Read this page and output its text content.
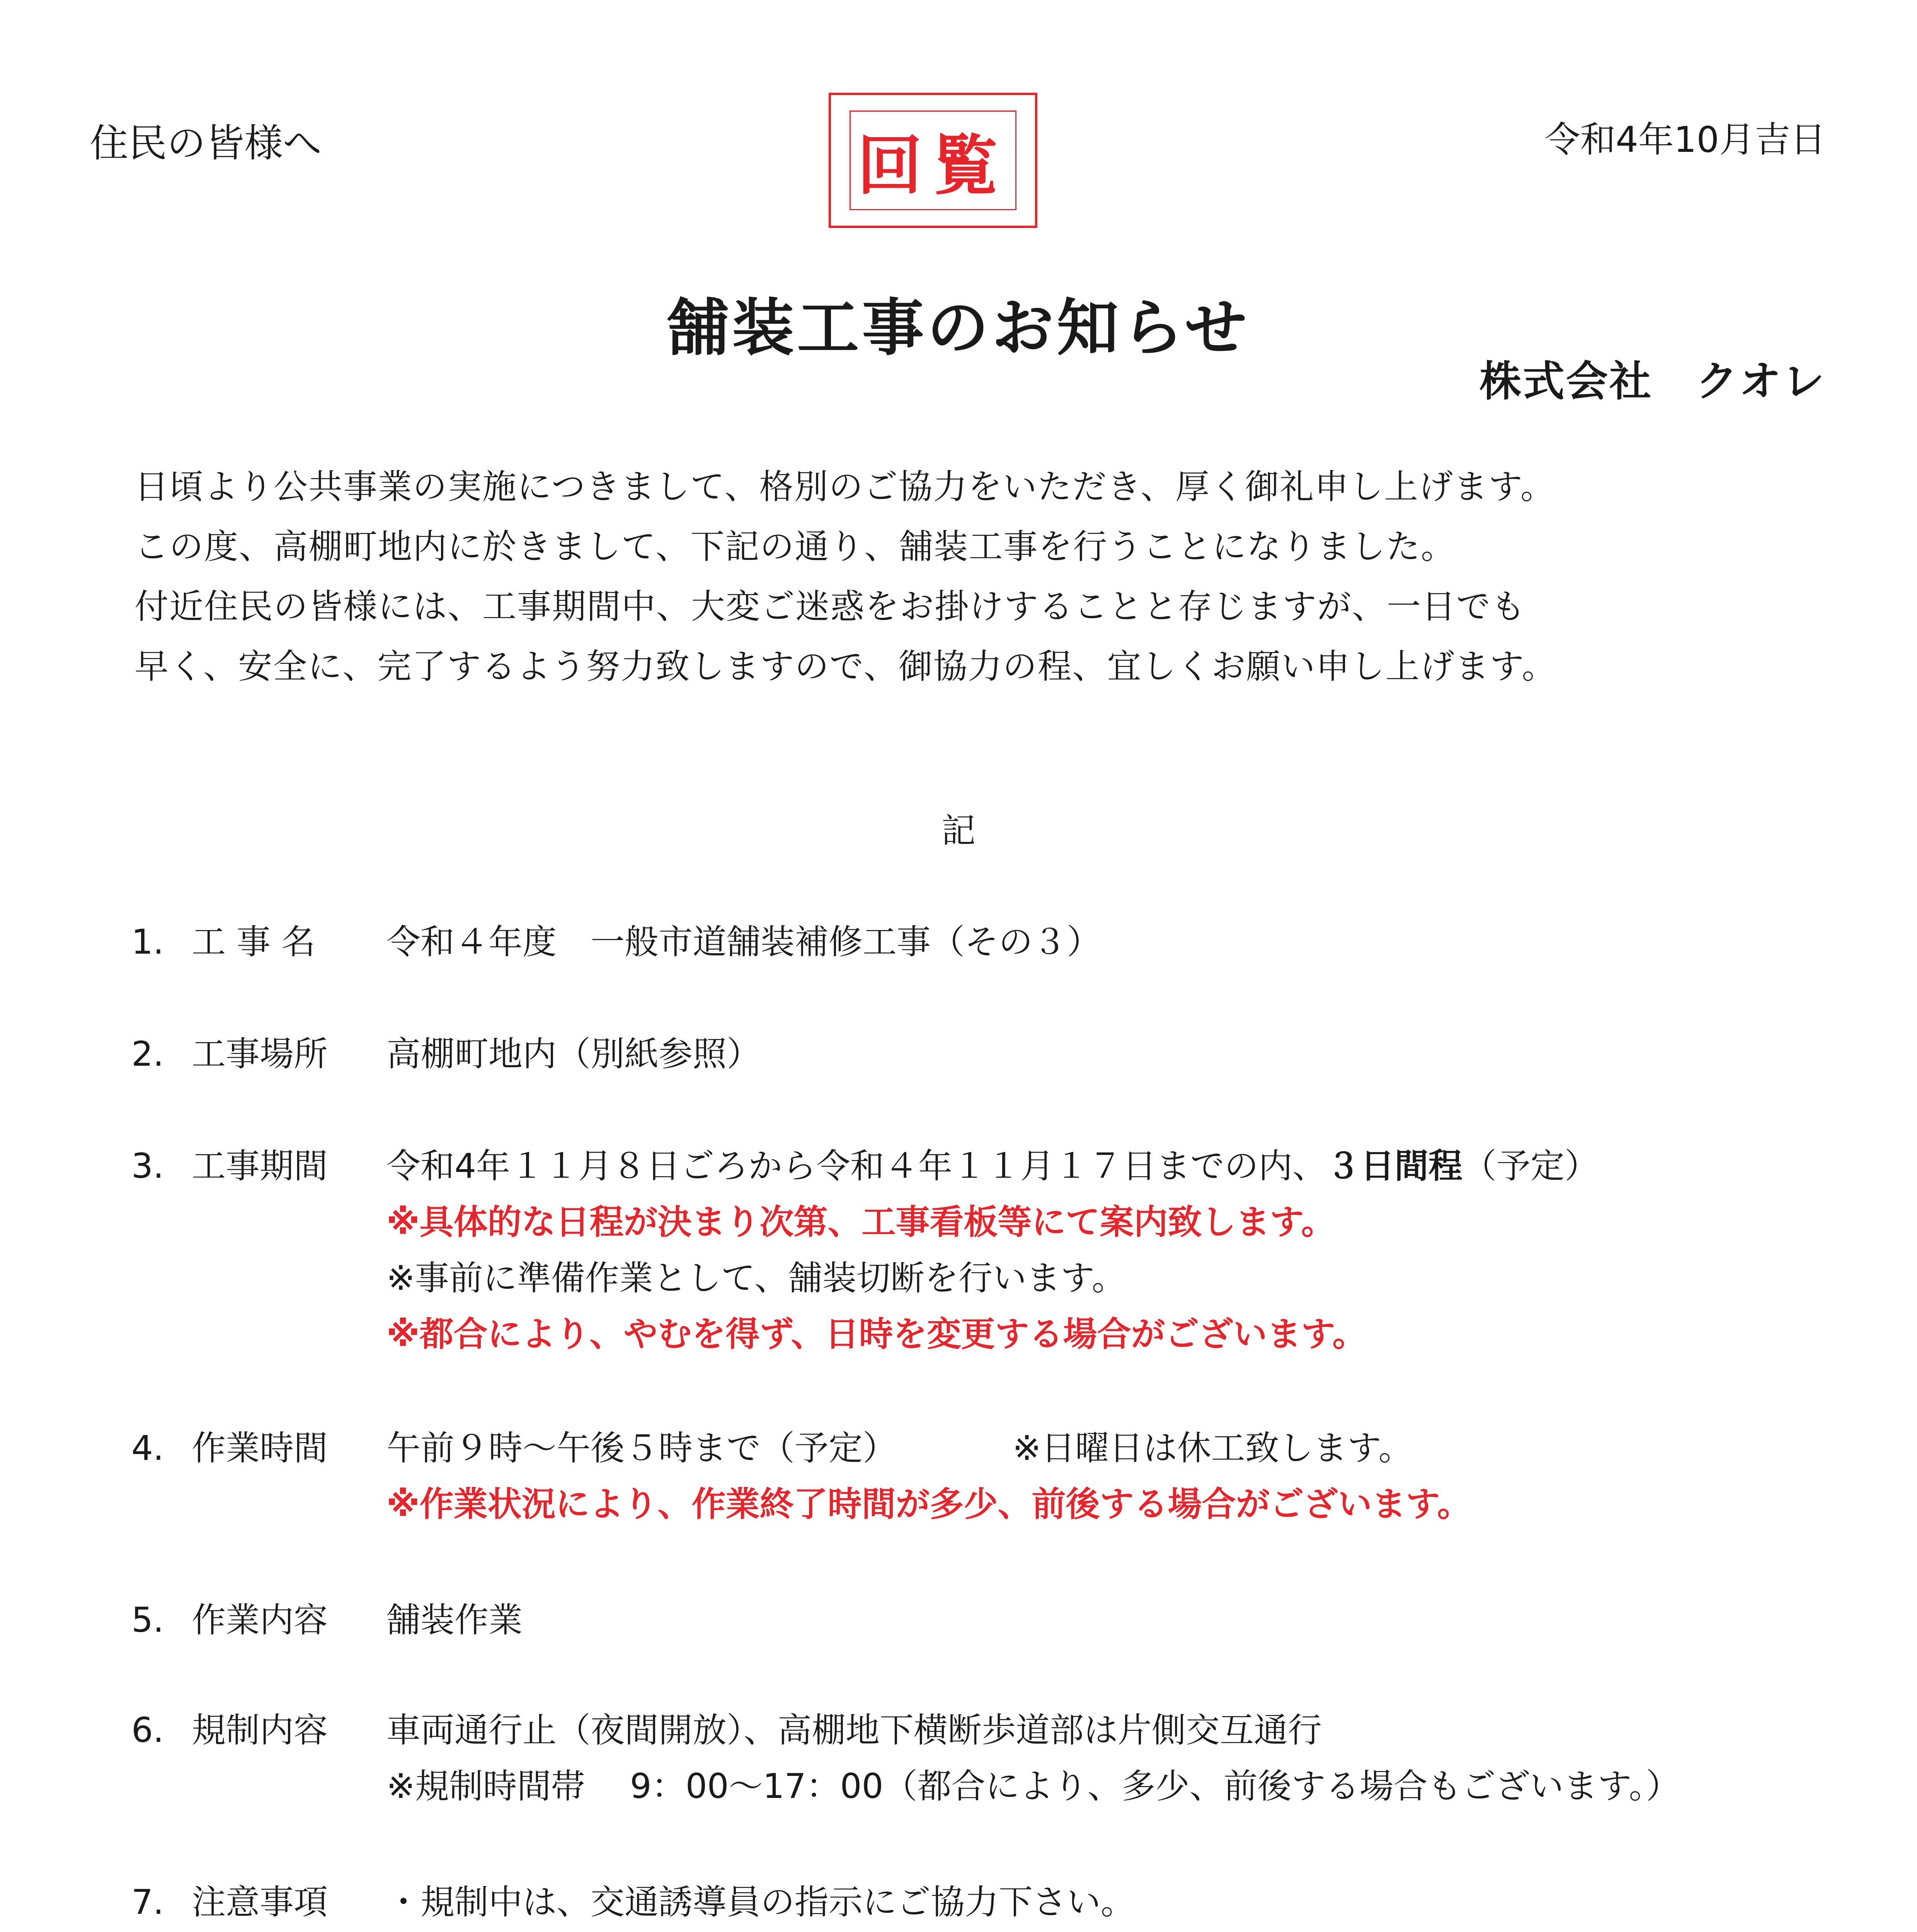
住民の皆様へ	回覧	令和4年10月吉日
舗装工事のお知らせ
株式会社　クオレ
日頃より公共事業の実施につきまして、格別のご協力をいただき、厚く御礼申し上げます。
この度、高棚町地内に於きまして、下記の通り、舗装工事を行うことになりました。
付近住民の皆様には、工事期間中、大変ご迷惑をお掛けすることと存じますが、一日でも
早く、安全に、完了するよう努力致しますので、御協力の程、宜しくお願い申し上げます。
記
1. 工 事 名 令和４年度　一般市道舗装補修工事（その３）
2. 工事場所 高棚町地内（別紙参照）
3. 工事期間 令和4年１１月８日ごろから令和４年１１月１７日までの内、３日間程（予定）
※具体的な日程が決まり次第、工事看板等にて案内致します。
※事前に準備作業として、舗装切断を行います。
※都合により、やむを得ず、日時を変更する場合がございます。
4. 作業時間 午前９時～午後５時まで（予定）	※日曜日は休工致します。
※作業状況により、作業終了時間が多少、前後する場合がございます。
5. 作業内容 舗装作業
6. 規制内容 車両通行止（夜間開放）、高棚地下横断歩道部は片側交互通行
※規制時間帯　 9：00～17：00（都合により、多少、前後する場合もございます。）
7. 注意事項 ・規制中は、交通誘導員の指示にご協力下さい。
